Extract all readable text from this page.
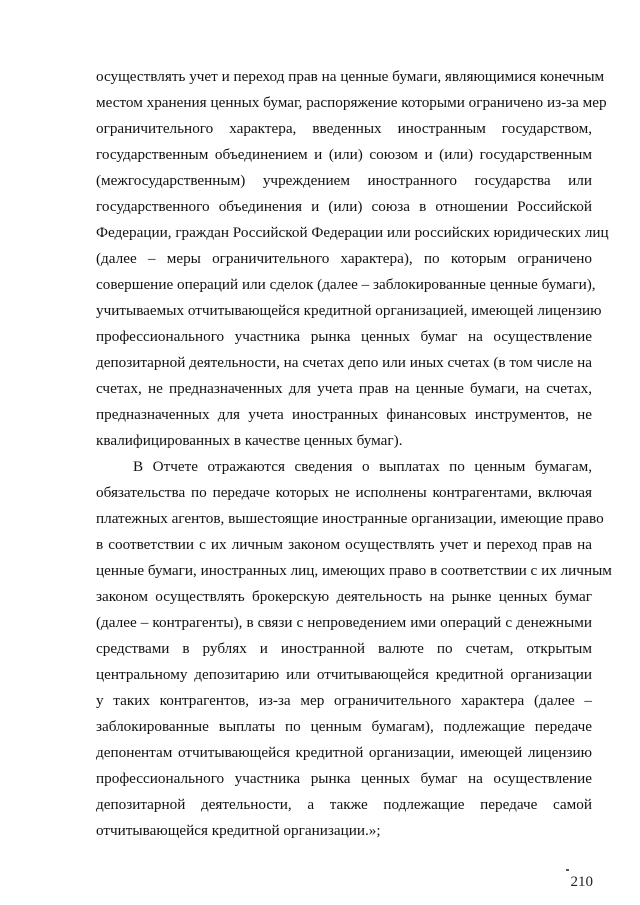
осуществлять учет и переход прав на ценные бумаги, являющимися конечным
местом хранения ценных бумаг, распоряжение которыми ограничено из-за мер
ограничительного характера, введенных иностранным государством,
государственным объединением и (или) союзом и (или) государственным
(межгосударственным) учреждением иностранного государства или
государственного объединения и (или) союза в отношении Российской
Федерации, граждан Российской Федерации или российских юридических лиц
(далее – меры ограничительного характера), по которым ограничено
совершение операций или сделок (далее – заблокированные ценные бумаги),
учитываемых отчитывающейся кредитной организацией, имеющей лицензию
профессионального участника рынка ценных бумаг на осуществление
депозитарной деятельности, на счетах депо или иных счетах (в том числе на
счетах, не предназначенных для учета прав на ценные бумаги, на счетах,
предназначенных для учета иностранных финансовых инструментов, не
квалифицированных в качестве ценных бумаг).
В Отчете отражаются сведения о выплатах по ценным бумагам,
обязательства по передаче которых не исполнены контрагентами, включая
платежных агентов, вышестоящие иностранные организации, имеющие право
в соответствии с их личным законом осуществлять учет и переход прав на
ценные бумаги, иностранных лиц, имеющих право в соответствии с их личным
законом осуществлять брокерскую деятельность на рынке ценных бумаг
(далее – контрагенты), в связи с непроведением ими операций с денежными
средствами в рублях и иностранной валюте по счетам, открытым
центральному депозитарию или отчитывающейся кредитной организации
у таких контрагентов, из-за мер ограничительного характера (далее –
заблокированные выплаты по ценным бумагам), подлежащие передаче
депонентам отчитывающейся кредитной организации, имеющей лицензию
профессионального участника рынка ценных бумаг на осуществление
депозитарной деятельности, а также подлежащие передаче самой
отчитывающейся кредитной организации.»;
210
